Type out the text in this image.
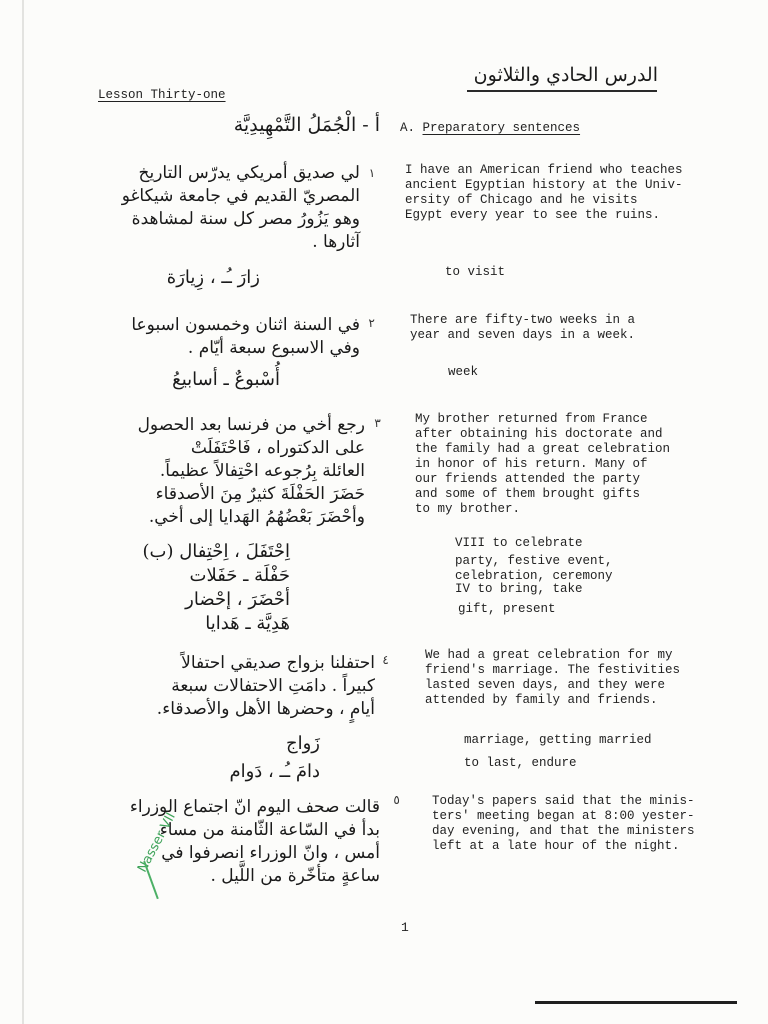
Lesson Thirty-one
الدرس الحادي والثلاثون
أ - الْجُمَلُ التَّمْهِيدِيَّة A. Preparatory sentences
١
لي صديق أمريكي يدرّس التاريخ
المصريّ القديم في جامعة شيكاغو
وهو يَزُورُ مصر كل سنة لمشاهدة
آثارها .
I have an American friend who teaches
ancient Egyptian history at the Univ-
ersity of Chicago and he visits
Egypt every year to see the ruins.
زارَ ـُـ ، زِيارَة	to visit
٢
في السنة اثنان وخمسون اسبوعا
وفي الاسبوع سبعة أيّام .
There are fifty-two weeks in a
year and seven days in a week.
أُسْبوعٌ ـ أسابيعُ	week
٣
رجع أخي من فرنسا بعد الحصول
على الدكتوراه ، فَاحْتَفَلَتْ
العائلة بِرُجوعه احْتِفالاً عظيماً.
حَضَرَ الحَفْلَةَ كثيرٌ مِنَ الأصدقاء
وأحْضَرَ بَعْضُهُمُ الهَدايا إلى أخي.
My brother returned from France
after obtaining his doctorate and
the family had a great celebration
in honor of his return. Many of
our friends attended the party
and some of them brought gifts
to my brother.
اِحْتَفَلَ ، اِحْتِفال (ب)
حَفْلَة ـ حَفَلات
أحْضَرَ ، إحْضار
هَدِيَّة ـ هَدايا
VIII to celebrate
party, festive event, celebration, ceremony
IV to bring, take
gift, present
٤
احتفلنا بزواج صديقي احتفالاً
كبيراً . دامَتِ الاحتفالات سبعة
أيامٍ ، وحضرها الأهل والأصدقاء.
We had a great celebration for my
friend's marriage. The festivities
lasted seven days, and they were
attended by family and friends.
زَواج
دامَ ـُـ ، دَوام
marriage, getting married
to last, endure
٥
قالت صحف اليوم انّ اجتماع الوزراء
بدأ في السّاعة الثّامنة من مساء
أمس ، وانّ الوزراء انصرفوا في
ساعةٍ متأخّرة من اللَّيل .
Today's papers said that the minis-
ters' meeting began at 8:00 yester-
day evening, and that the ministers
left at a late hour of the night.
Nasser VII
1
